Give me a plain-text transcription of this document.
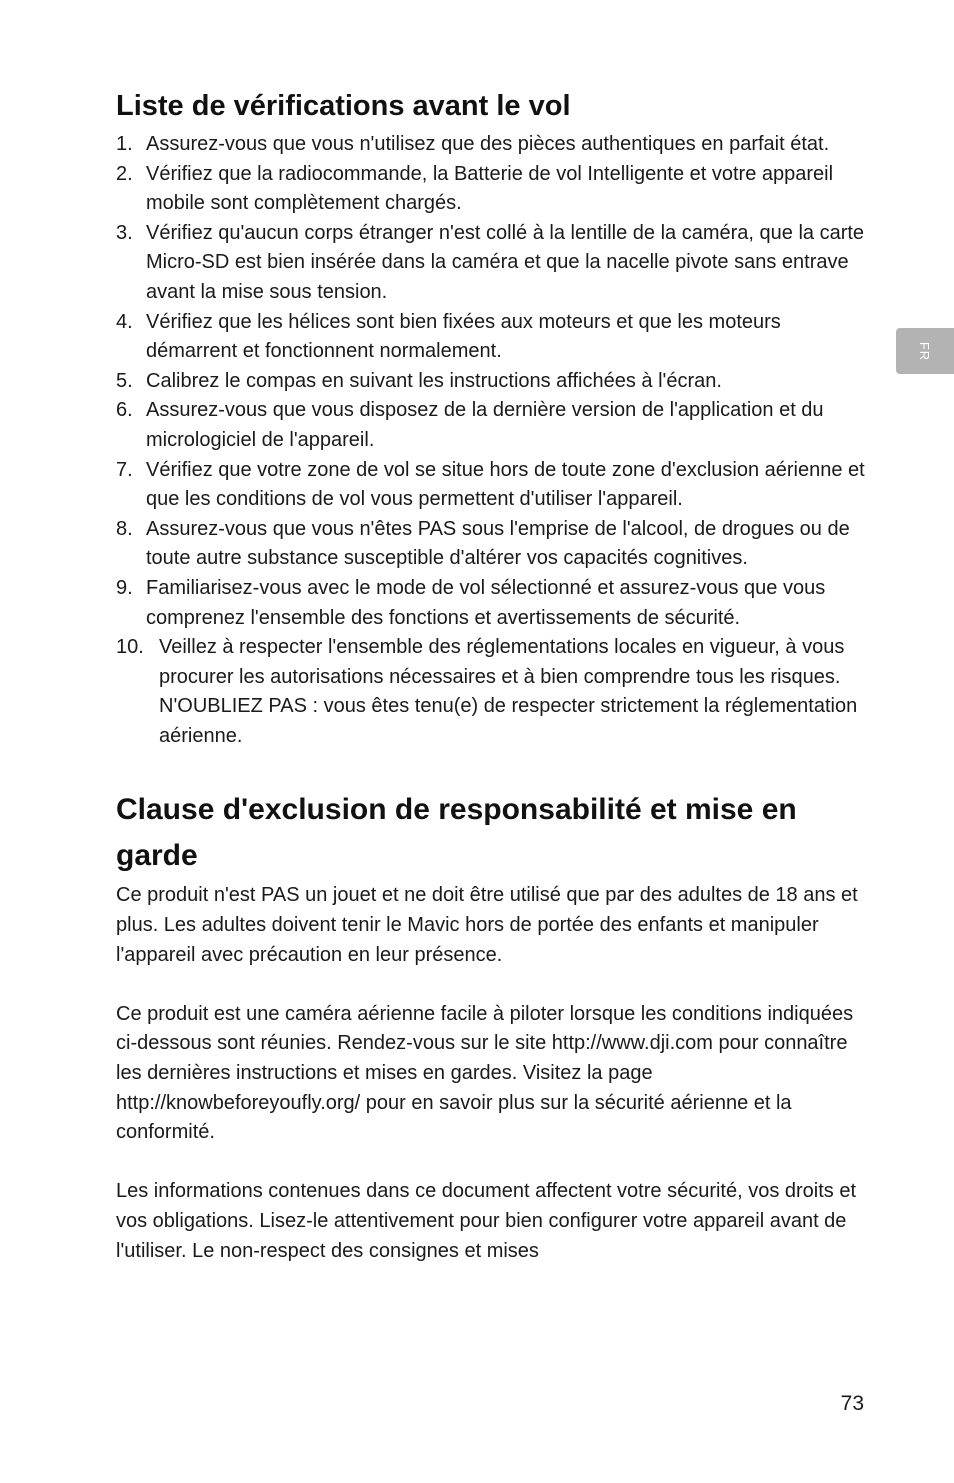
Liste de vérifications avant le vol
1. Assurez-vous que vous n'utilisez que des pièces authentiques en parfait état.
2. Vérifiez que la radiocommande, la Batterie de vol Intelligente et votre appareil mobile sont complètement chargés.
3. Vérifiez qu'aucun corps étranger n'est collé à la lentille de la caméra, que la carte Micro-SD est bien insérée dans la caméra et que la nacelle pivote sans entrave avant la mise sous tension.
4. Vérifiez que les hélices sont bien fixées aux moteurs et que les moteurs démarrent et fonctionnent normalement.
5. Calibrez le compas en suivant les instructions affichées à l'écran.
6. Assurez-vous que vous disposez de la dernière version de l'application et du micrologiciel de l'appareil.
7. Vérifiez que votre zone de vol se situe hors de toute zone d'exclusion aérienne et que les conditions de vol vous permettent d'utiliser l'appareil.
8. Assurez-vous que vous n'êtes PAS sous l'emprise de l'alcool, de drogues ou de toute autre substance susceptible d'altérer vos capacités cognitives.
9. Familiarisez-vous avec le mode de vol sélectionné et assurez-vous que vous comprenez l'ensemble des fonctions et avertissements de sécurité.
10. Veillez à respecter l'ensemble des réglementations locales en vigueur, à vous procurer les autorisations nécessaires et à bien comprendre tous les risques. N'OUBLIEZ PAS : vous êtes tenu(e) de respecter strictement la réglementation aérienne.
Clause d'exclusion de responsabilité et mise en garde

Ce produit n'est PAS un jouet et ne doit être utilisé que par des adultes de 18 ans et plus. Les adultes doivent tenir le Mavic hors de portée des enfants et manipuler l'appareil avec précaution en leur présence.

Ce produit est une caméra aérienne facile à piloter lorsque les conditions indiquées ci-dessous sont réunies. Rendez-vous sur le site http://www.dji.com pour connaître les dernières instructions et mises en gardes. Visitez la page http://knowbeforeyoufly.org/ pour en savoir plus sur la sécurité aérienne et la conformité.

Les informations contenues dans ce document affectent votre sécurité, vos droits et vos obligations. Lisez-le attentivement pour bien configurer votre appareil avant de l'utiliser. Le non-respect des consignes et mises

FR
73
